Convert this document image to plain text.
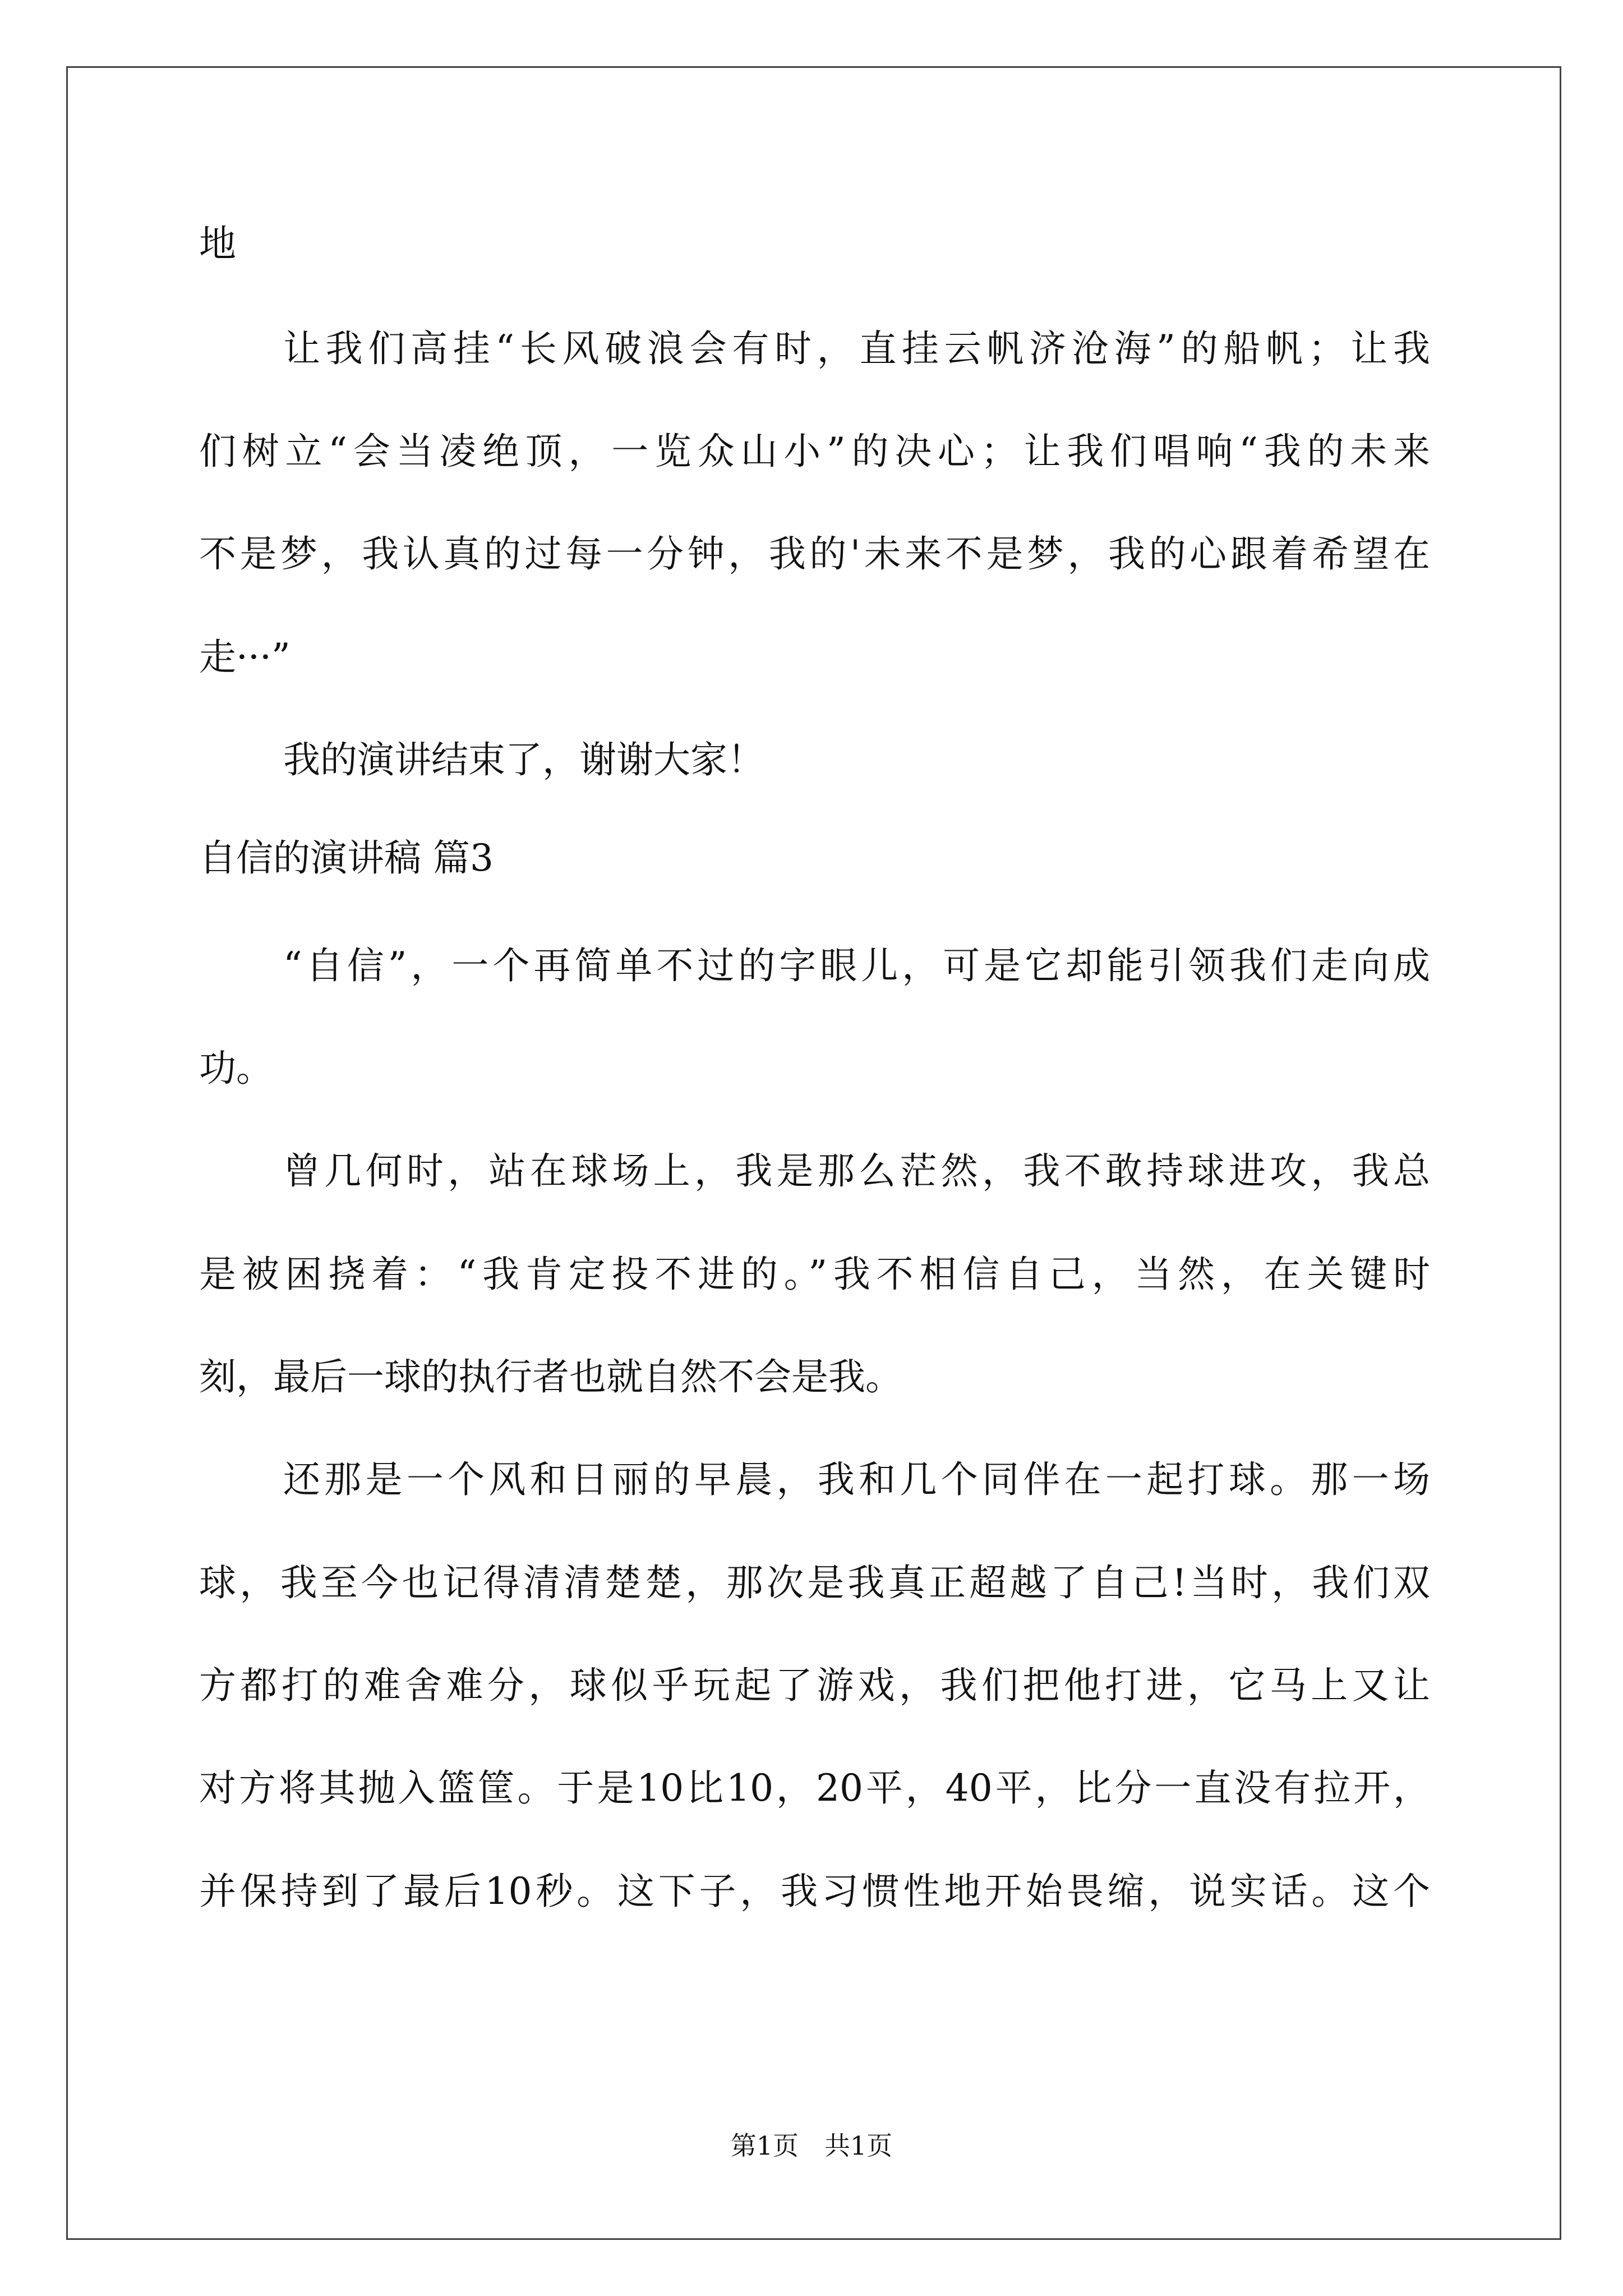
地
让我们高挂“长风破浪会有时，直挂云帆济沧海”的船帆；让我
们树立“会当凌绝顶，一览众山小”的决心；让我们唱响“我的未来
不是梦，我认真的过每一分钟，我的'未来不是梦，我的心跟着希望在
走···”
我的演讲结束了，谢谢大家！
自信的演讲稿 篇3
“自信”，一个再简单不过的字眼儿，可是它却能引领我们走向成
功。
曾几何时，站在球场上，我是那么茫然，我不敢持球进攻，我总
是被困挠着：“我肯定投不进的。”我不相信自己，当然，在关键时
刻，最后一球的执行者也就自然不会是我。
还那是一个风和日丽的早晨，我和几个同伴在一起打球。那一场
球，我至今也记得清清楚楚，那次是我真正超越了自己!当时，我们双
方都打的难舍难分，球似乎玩起了游戏，我们把他打进，它马上又让
对方将其抛入篮筐。于是10比10，20平，40平，比分一直没有拉开，
并保持到了最后10秒。这下子，我习惯性地开始畏缩，说实话。这个
第1页　共1页
